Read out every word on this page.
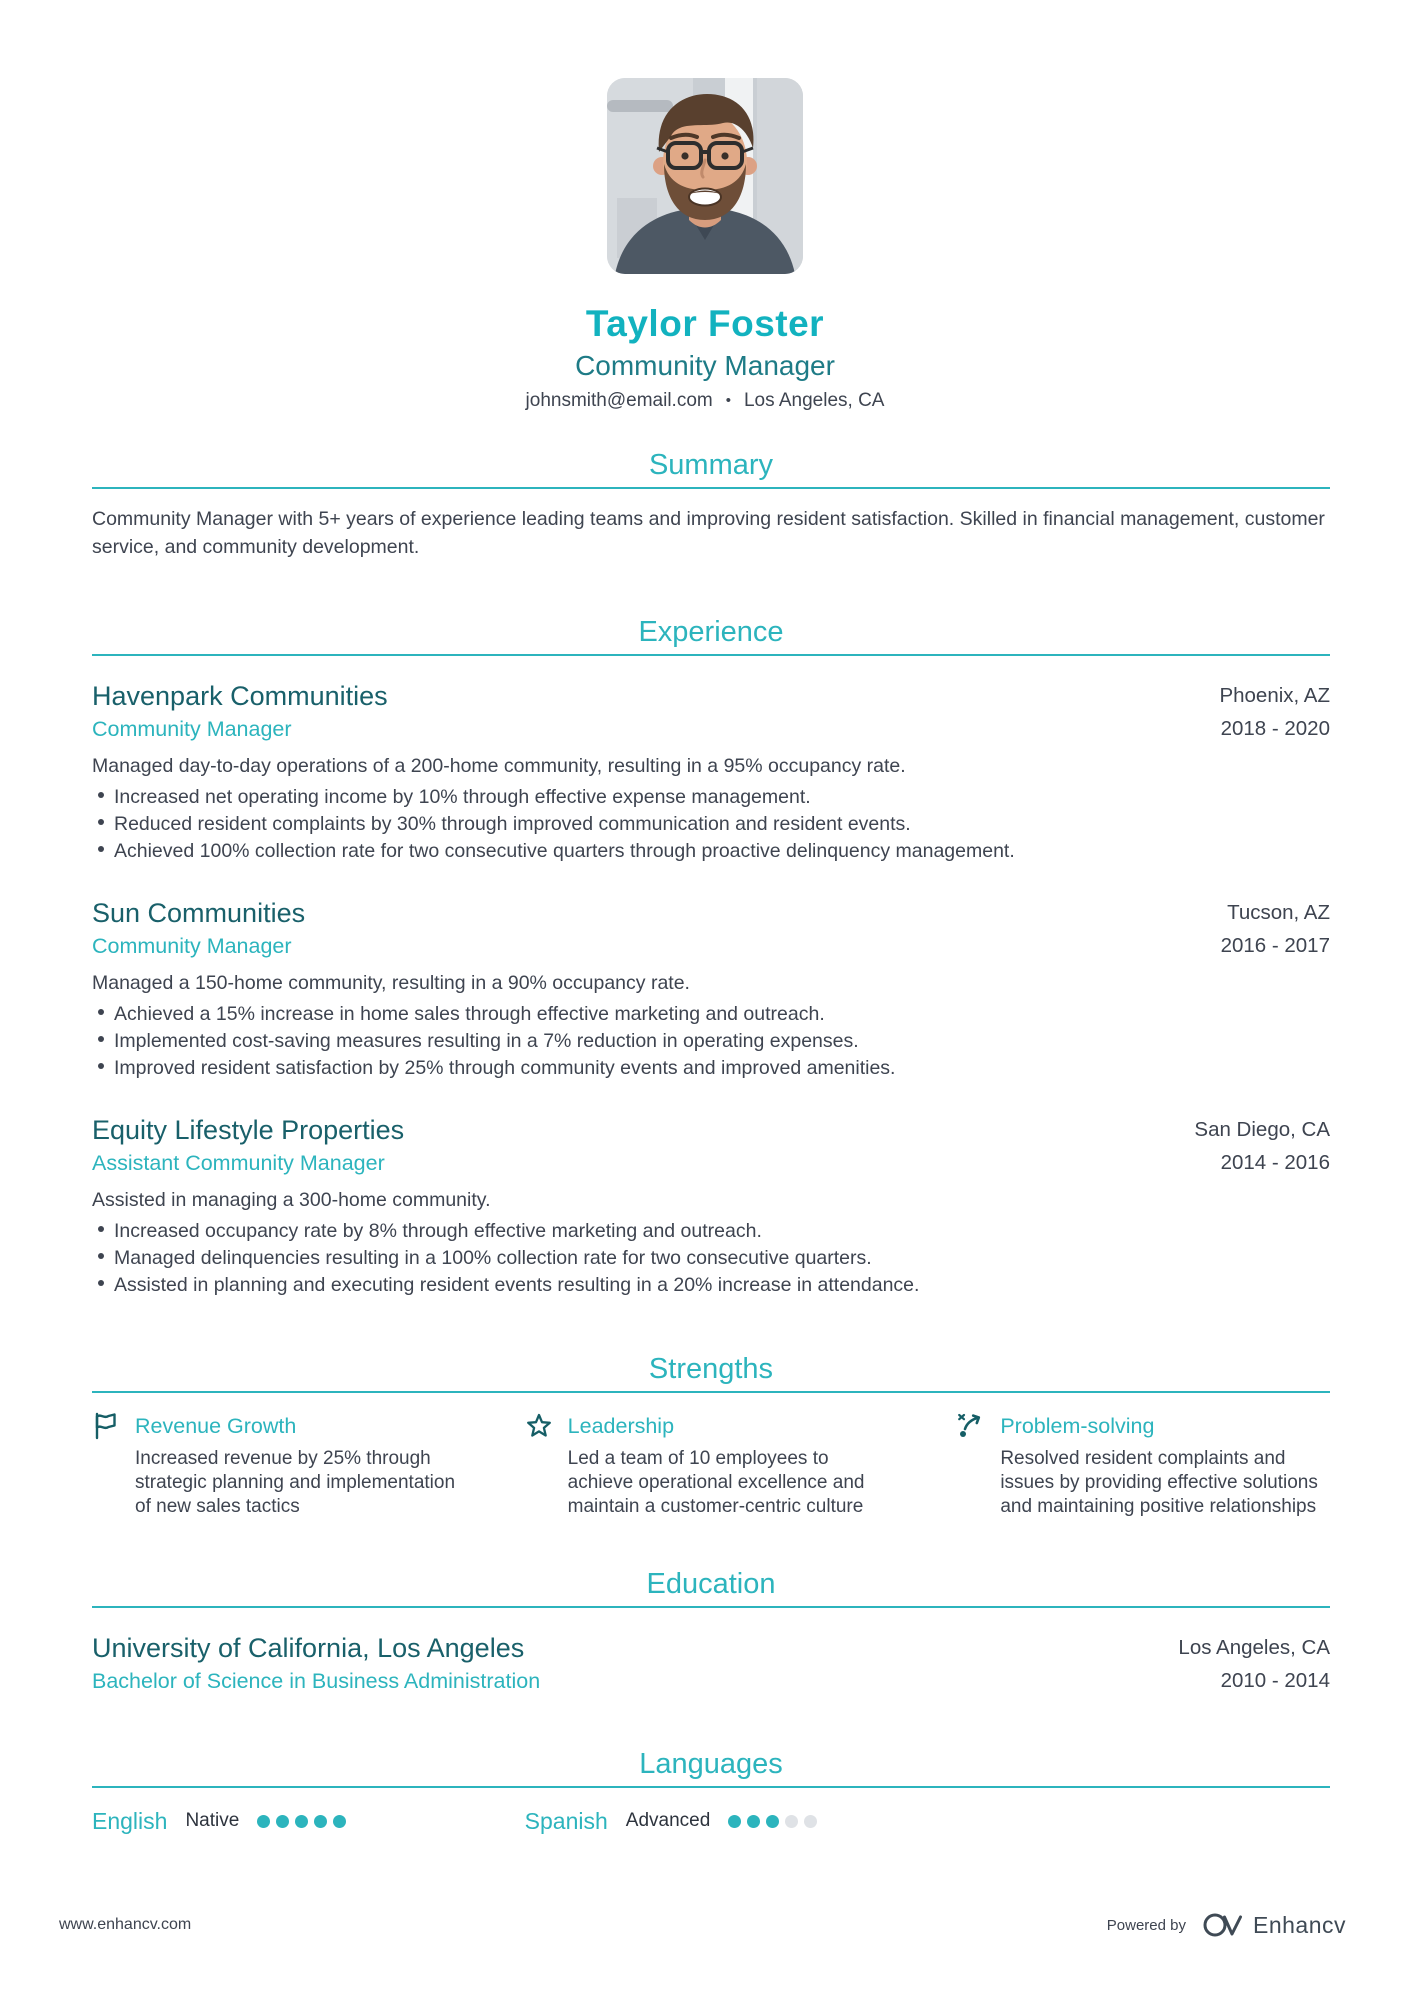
Taylor Foster
Community Manager
johnsmith@email.com • Los Angeles, CA
Summary
Community Manager with 5+ years of experience leading teams and improving resident satisfaction. Skilled in financial management, customer service, and community development.
Experience
Havenpark Communities
Community Manager
Phoenix, AZ
2018 - 2020
Managed day-to-day operations of a 200-home community, resulting in a 95% occupancy rate.
Increased net operating income by 10% through effective expense management.
Reduced resident complaints by 30% through improved communication and resident events.
Achieved 100% collection rate for two consecutive quarters through proactive delinquency management.
Sun Communities
Community Manager
Tucson, AZ
2016 - 2017
Managed a 150-home community, resulting in a 90% occupancy rate.
Achieved a 15% increase in home sales through effective marketing and outreach.
Implemented cost-saving measures resulting in a 7% reduction in operating expenses.
Improved resident satisfaction by 25% through community events and improved amenities.
Equity Lifestyle Properties
Assistant Community Manager
San Diego, CA
2014 - 2016
Assisted in managing a 300-home community.
Increased occupancy rate by 8% through effective marketing and outreach.
Managed delinquencies resulting in a 100% collection rate for two consecutive quarters.
Assisted in planning and executing resident events resulting in a 20% increase in attendance.
Strengths
Revenue Growth
Increased revenue by 25% through strategic planning and implementation of new sales tactics
Leadership
Led a team of 10 employees to achieve operational excellence and maintain a customer-centric culture
Problem-solving
Resolved resident complaints and issues by providing effective solutions and maintaining positive relationships
Education
University of California, Los Angeles
Bachelor of Science in Business Administration
Los Angeles, CA
2010 - 2014
Languages
English Native	Spanish Advanced
www.enhancv.com	Powered by	Enhancv
